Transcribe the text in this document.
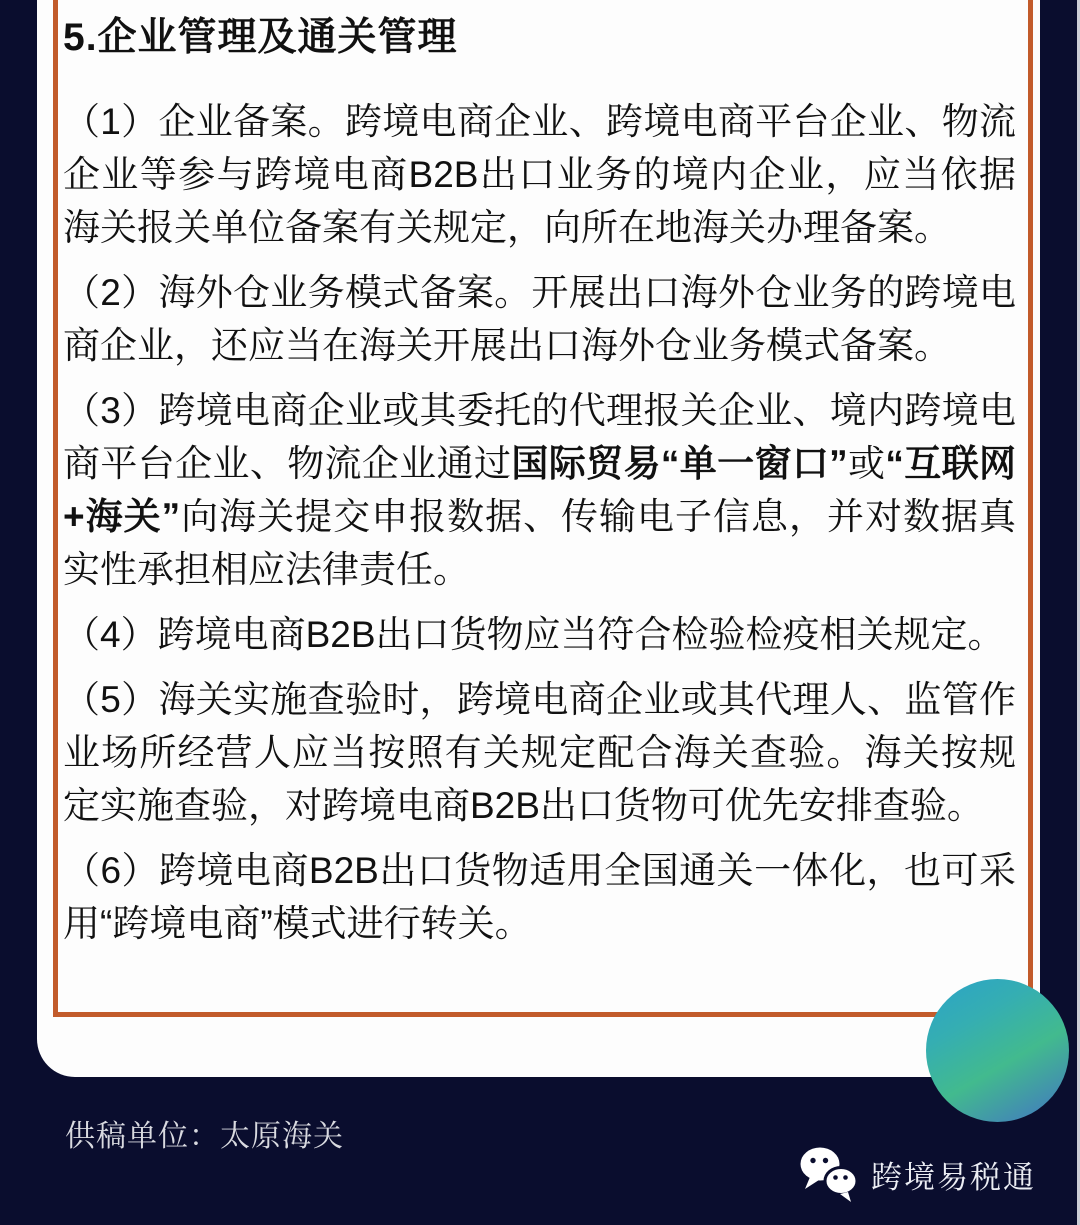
5.企业管理及通关管理
（1）企业备案。跨境电商企业、跨境电商平台企业、物流企业等参与跨境电商B2B出口业务的境内企业，应当依据海关报关单位备案有关规定，向所在地海关办理备案。
（2）海外仓业务模式备案。开展出口海外仓业务的跨境电商企业，还应当在海关开展出口海外仓业务模式备案。
（3）跨境电商企业或其委托的代理报关企业、境内跨境电商平台企业、物流企业通过国际贸易“单一窗口”或“互联网+海关”向海关提交申报数据、传输电子信息，并对数据真实性承担相应法律责任。
（4）跨境电商B2B出口货物应当符合检验检疫相关规定。
（5）海关实施查验时，跨境电商企业或其代理人、监管作业场所经营人应当按照有关规定配合海关查验。海关按规定实施查验，对跨境电商B2B出口货物可优先安排查验。
（6）跨境电商B2B出口货物适用全国通关一体化，也可采用“跨境电商”模式进行转关。
供稿单位：太原海关
跨境易税通
